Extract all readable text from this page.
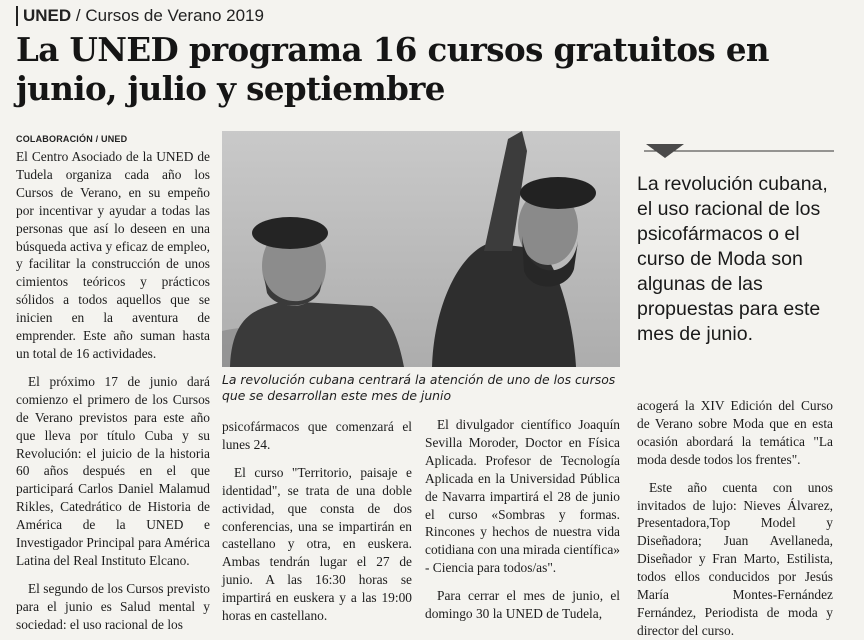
UNED / Cursos de Verano 2019
La UNED programa 16 cursos gratuitos en junio, julio y septiembre
COLABORACIÓN / UNED

El Centro Asociado de la UNED de Tudela organiza cada año los Cursos de Verano, en su empeño por incentivar y ayudar a todas las personas que así lo deseen en una búsqueda activa y eficaz de empleo, y facilitar la construcción de unos cimientos teóricos y prácticos sólidos a todos aquellos que se inicien en la aventura de emprender. Este año suman hasta un total de 16 actividades.

El próximo 17 de junio dará comienzo el primero de los Cursos de Verano previstos para este año que lleva por título Cuba y su Revolución: el juicio de la historia 60 años después en el que participará Carlos Daniel Malamud Rikles, Catedrático de Historia de América de la UNED e Investigador Principal para América Latina del Real Instituto Elcano.

El segundo de los Cursos previsto para el junio es Salud mental y sociedad: el uso racional de los

La revolución cubana centrará la atención de uno de los cursos que se desarrollan este mes de junio

La revolución cubana, el uso racional de los psicofármacos o el curso de Moda son algunas de las propuestas para este mes de junio.

psicofármacos que comenzará el lunes 24.

El curso "Territorio, paisaje e identidad", se trata de una doble actividad, que consta de dos conferencias, una se impartirán en castellano y otra, en euskera. Ambas tendrán lugar el 27 de junio. A las 16:30 horas se impartirá en euskera y a las 19:00 horas en castellano.

El divulgador científico Joaquín Sevilla Moroder, Doctor en Física Aplicada. Profesor de Tecnología Aplicada en la Universidad Pública de Navarra impartirá el 28 de junio el curso «Sombras y formas. Rincones y hechos de nuestra vida cotidiana con una mirada científica» - Ciencia para todos/as".

Para cerrar el mes de junio, el domingo 30 la UNED de Tudela,

acogerá la XIV Edición del Curso de Verano sobre Moda que en esta ocasión abordará la temática "La moda desde todos los frentes".

Este año cuenta con unos invitados de lujo: Nieves Álvarez, Presentadora,Top Model y Diseñadora; Juan Avellaneda, Diseñador y Fran Marto, Estilista, todos ellos conducidos por Jesús María Montes-Fernández Fernández, Periodista de moda y director del curso.
